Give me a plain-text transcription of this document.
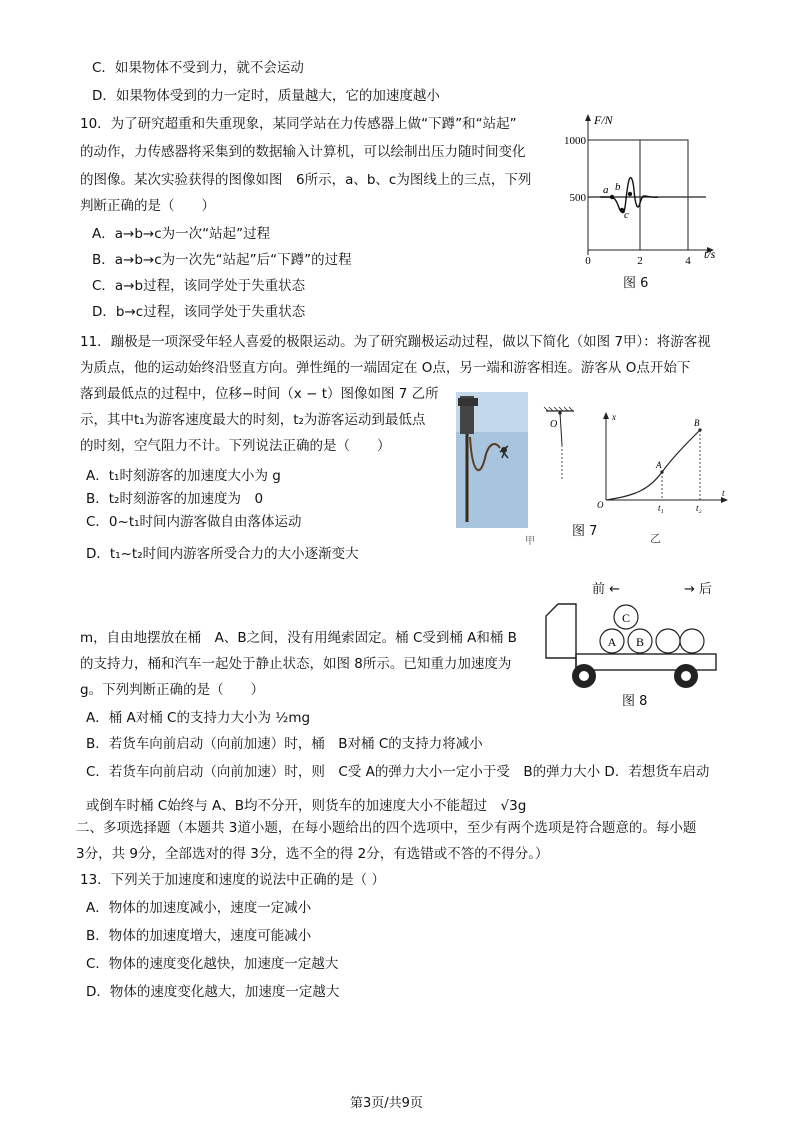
C．如果物体不受到力，就不会运动
D．如果物体受到的力一定时，质量越大，它的加速度越小
10．为了研究超重和失重现象，某同学站在力传感器上做“下蹲”和“站起”
的动作，力传感器将采集到的数据输入计算机，可以绘制出压力随时间变化
的图像。某次实验获得的图像如图　6所示，a、b、c为图线上的三点，下列
判断正确的是（　　）
A．a→b→c为一次“站起”过程
B．a→b→c为一次先“站起”后“下蹲”的过程
C．a→b过程，该同学处于失重状态
D．b→c过程，该同学处于失重状态
F/N
1000
500
0	2	4 t/s
a b
c
图 6
11．蹦极是一项深受年轻人喜爱的极限运动。为了研究蹦极运动过程，做以下简化（如图 7甲）：将游客视
为质点，他的运动始终沿竖直方向。弹性绳的一端固定在 O点，另一端和游客相连。游客从 O点开始下
落到最低点的过程中，位移−时间（x − t）图像如图 7 乙所
示，其中t₁为游客速度最大的时刻，t₂为游客运动到最低点
的时刻，空气阻力不计。下列说法正确的是（　　）
A．t₁时刻游客的加速度大小为 g
B．t₂时刻游客的加速度为　0
C．0~t₁时间内游客做自由落体运动
D．t₁~t₂时间内游客所受合力的大小逐渐变大
甲
O
x
t
O
A
B
t₁	t₂
图 7	乙
m，自由地摆放在桶　A、B之间，没有用绳索固定。桶 C受到桶 A和桶 B
的支持力，桶和汽车一起处于静止状态，如图 8所示。已知重力加速度为
g。下列判断正确的是（　　）
A．桶 A对桶 C的支持力大小为 ½mg
B．若货车向前启动（向前加速）时，桶　B对桶 C的支持力将减小
C．若货车向前启动（向前加速）时，则　C受 A的弹力大小一定小于受　B的弹力大小 D．若想货车启动
或倒车时桶 C始终与 A、B均不分开，则货车的加速度大小不能超过　√3g
前 ←	→ 后
A B
C
图 8
二、多项选择题（本题共 3道小题，在每小题给出的四个选项中，至少有两个选项是符合题意的。每小题
3分，共 9分，全部选对的得 3分，选不全的得 2分，有选错或不答的不得分。）
13．下列关于加速度和速度的说法中正确的是（ ）
A．物体的加速度减小，速度一定减小
B．物体的加速度增大，速度可能减小
C．物体的速度变化越快，加速度一定越大
D．物体的速度变化越大，加速度一定越大
第3页/共9页
